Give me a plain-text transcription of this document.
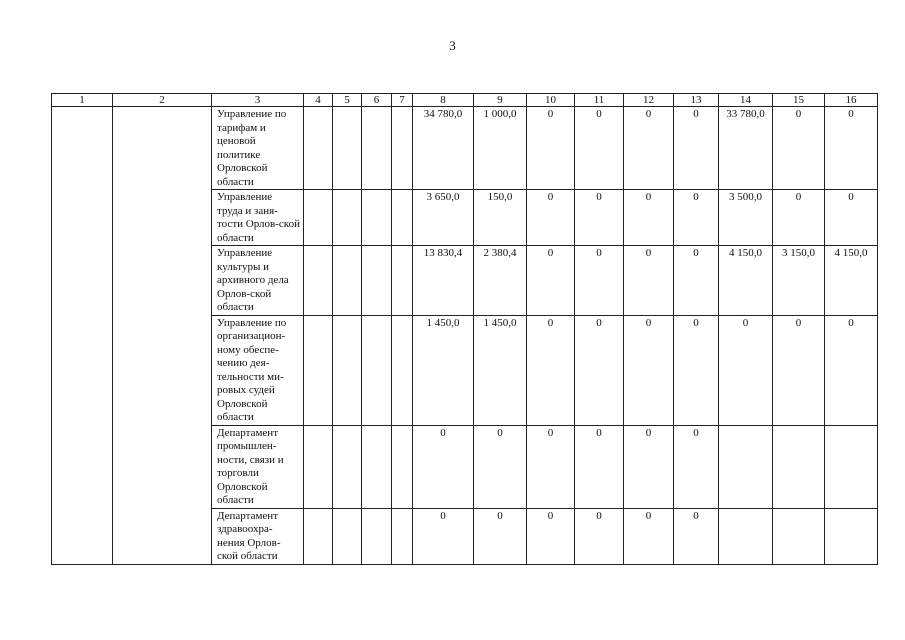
3
1	2	3	4	5	6	7	8	9	10	11	12	13	14	15	16
		Управление по тарифам и ценовой политике Орловской области					34 780,0	1 000,0	0	0	0	0	33 780,0	0	0
		Управление труда и заня-тости Орлов-ской области					3 650,0	150,0	0	0	0	0	3 500,0	0	0
		Управление культуры и архивного дела Орлов-ской области					13 830,4	2 380,4	0	0	0	0	4 150,0	3 150,0	4 150,0
		Управление по организацион-ному обеспе-чению дея-тельности ми-ровых судей Орловской области					1 450,0	1 450,0	0	0	0	0	0	0	0
		Департамент промышлен-ности, связи и торговли Орловской области					0	0	0	0	0	0			
		Департамент здравоохра-нения Орлов-ской области					0	0	0	0	0	0			
